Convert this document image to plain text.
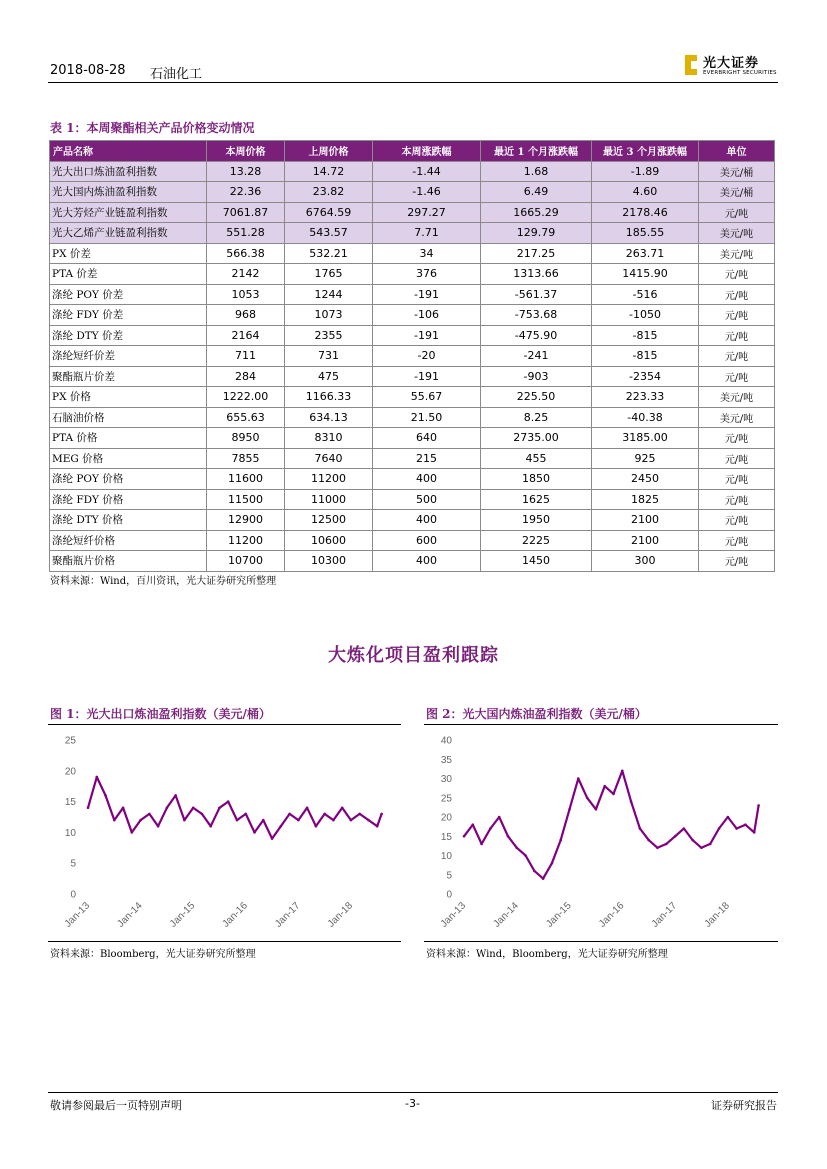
2018-08-28 石油化工
光大证券
EVERBRIGHT SECURITIES
表 1：本周聚酯相关产品价格变动情况
产品名称	本周价格	上周价格	本周涨跌幅	最近 1 个月涨跌幅	最近 3 个月涨跌幅	单位
光大出口炼油盈利指数	13.28	14.72	-1.44	1.68	-1.89	美元/桶
光大国内炼油盈利指数	22.36	23.82	-1.46	6.49	4.60	美元/桶
光大芳烃产业链盈利指数	7061.87	6764.59	297.27	1665.29	2178.46	元/吨
光大乙烯产业链盈利指数	551.28	543.57	7.71	129.79	185.55	美元/吨
PX 价差	566.38	532.21	34	217.25	263.71	美元/吨
PTA 价差	2142	1765	376	1313.66	1415.90	元/吨
涤纶 POY 价差	1053	1244	-191	-561.37	-516	元/吨
涤纶 FDY 价差	968	1073	-106	-753.68	-1050	元/吨
涤纶 DTY 价差	2164	2355	-191	-475.90	-815	元/吨
涤纶短纤价差	711	731	-20	-241	-815	元/吨
聚酯瓶片价差	284	475	-191	-903	-2354	元/吨
PX 价格	1222.00	1166.33	55.67	225.50	223.33	美元/吨
石脑油价格	655.63	634.13	21.50	8.25	-40.38	美元/吨
PTA 价格	8950	8310	640	2735.00	3185.00	元/吨
MEG 价格	7855	7640	215	455	925	元/吨
涤纶 POY 价格	11600	11200	400	1850	2450	元/吨
涤纶 FDY 价格	11500	11000	500	1625	1825	元/吨
涤纶 DTY 价格	12900	12500	400	1950	2100	元/吨
涤纶短纤价格	11200	10600	600	2225	2100	元/吨
聚酯瓶片价格	10700	10300	400	1450	300	元/吨
资料来源：Wind，百川资讯，光大证券研究所整理
大炼化项目盈利跟踪
图 1：光大出口炼油盈利指数（美元/桶）
0
5
10
15
20
25
Jan-13 Jan-14 Jan-15 Jan-16 Jan-17 Jan-18
资料来源：Bloomberg，光大证券研究所整理
图 2：光大国内炼油盈利指数（美元/桶）
0
5
10
15
20
25
30
35
40
Jan-13 Jan-14 Jan-15 Jan-16 Jan-17 Jan-18
资料来源：Wind，Bloomberg，光大证券研究所整理
敬请参阅最后一页特别声明	-3-	证券研究报告
